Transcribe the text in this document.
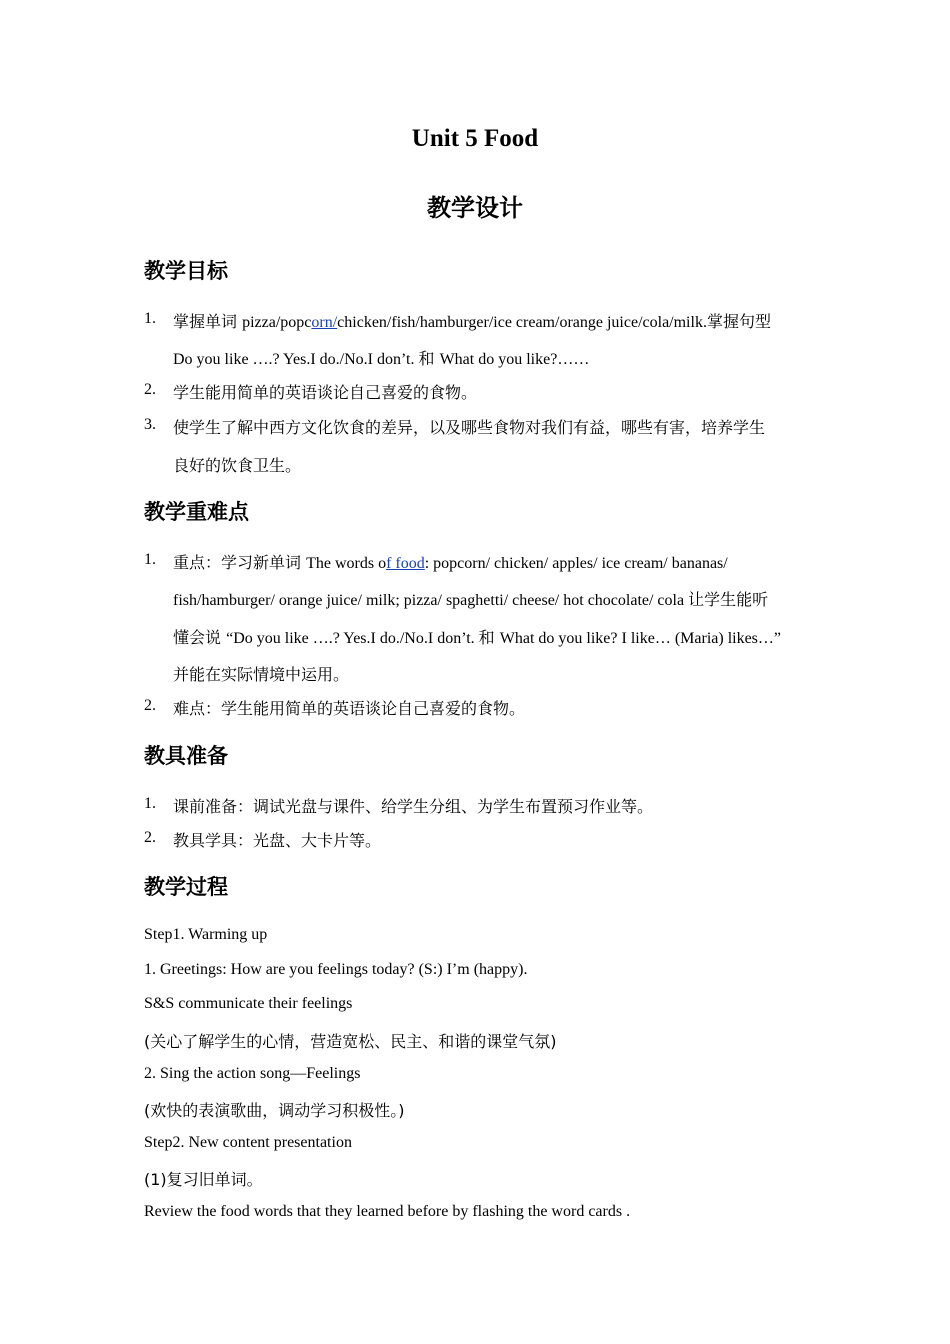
Unit 5 Food
教学设计
教学目标
1. 掌握单词 pizza/popcorn/chicken/fish/hamburger/ice cream/orange juice/cola/milk.掌握句型
Do you like ….? Yes.I do./No.I don’t. 和 What do you like?……
2. 学生能用简单的英语谈论自己喜爱的食物。
3. 使学生了解中西方文化饮食的差异，以及哪些食物对我们有益，哪些有害，培养学生
良好的饮食卫生。
教学重难点
1. 重点：学习新单词 The words of food: popcorn/ chicken/ apples/ ice cream/ bananas/
fish/hamburger/ orange juice/ milk; pizza/ spaghetti/ cheese/ hot chocolate/ cola 让学生能听
懂会说 “Do you like ….? Yes.I do./No.I don’t. 和 What do you like? I like… (Maria) likes…”
并能在实际情境中运用。
2. 难点：学生能用简单的英语谈论自己喜爱的食物。
教具准备
1. 课前准备：调试光盘与课件、给学生分组、为学生布置预习作业等。
2. 教具学具：光盘、大卡片等。
教学过程
Step1. Warming up
1. Greetings: How are you feelings today? (S:) I’m (happy).
S&S communicate their feelings
(关心了解学生的心情，营造宽松、民主、和谐的课堂气氛)
2. Sing the action song—Feelings
(欢快的表演歌曲，调动学习积极性。)
Step2. New content presentation
(1)复习旧单词。
Review the food words that they learned before by flashing the word cards .
